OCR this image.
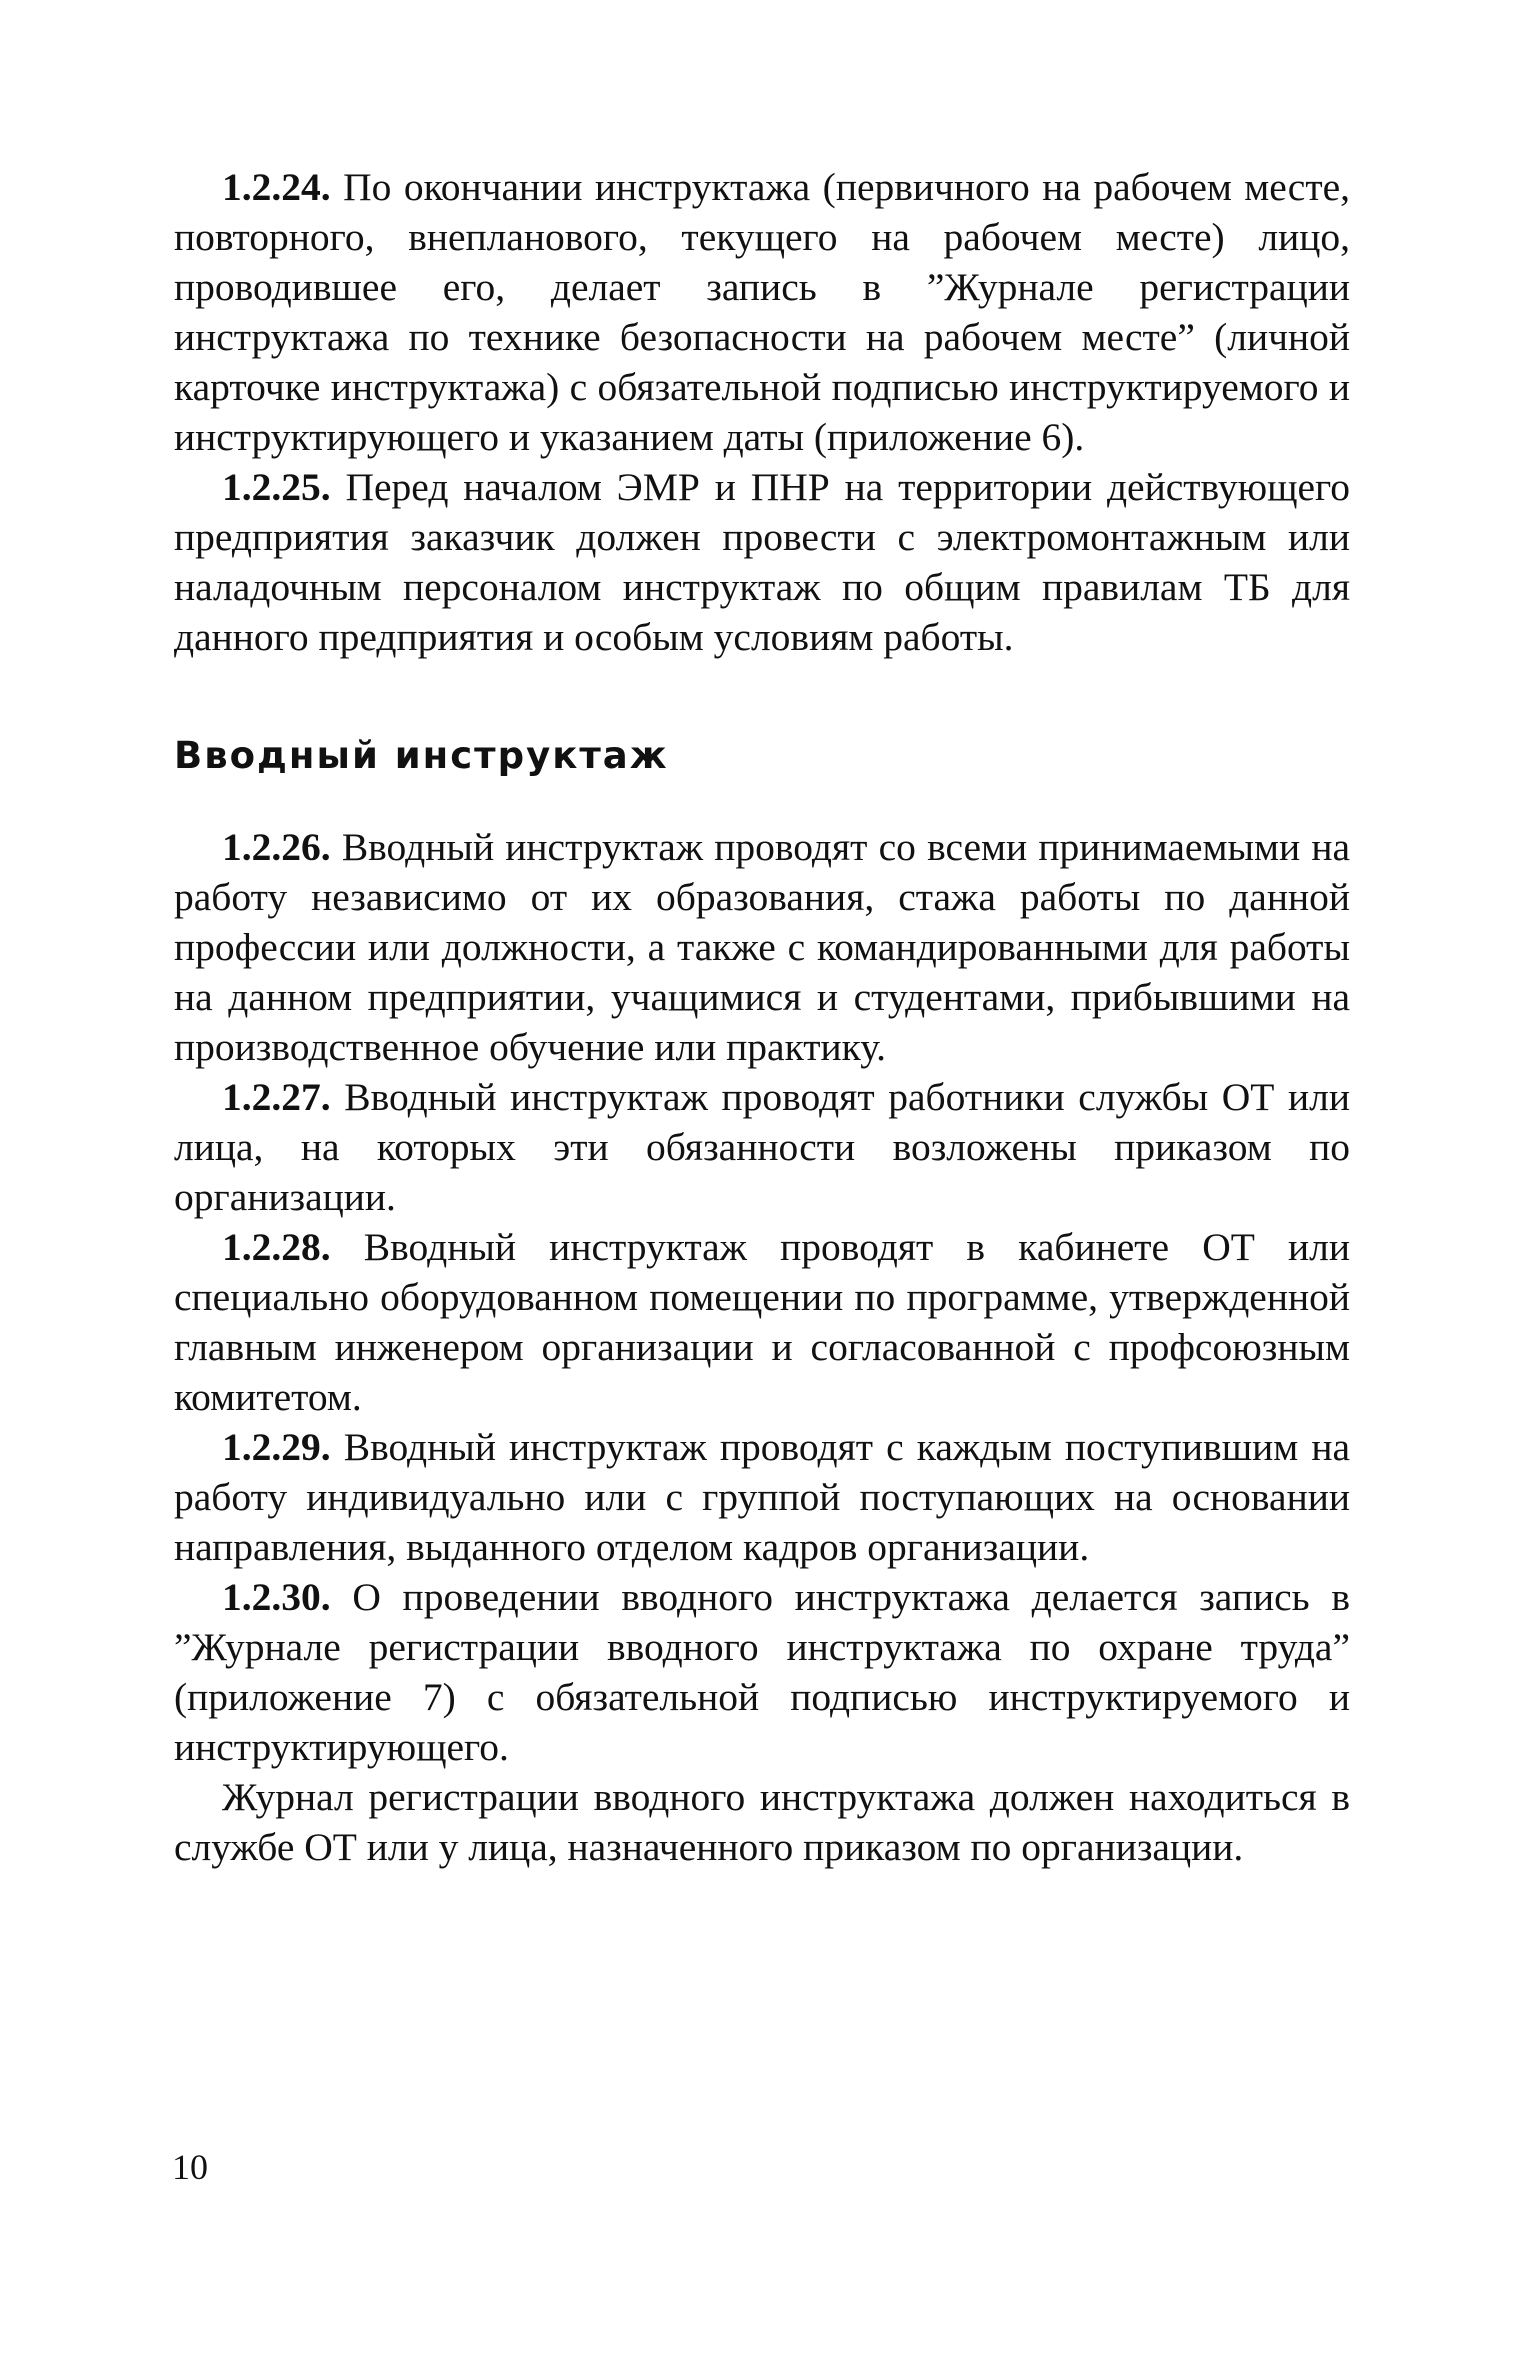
1.2.24. По окончании инструктажа (первичного на рабочем месте, повторного, внепланового, текущего на рабочем месте) лицо, проводившее его, делает запись в ”Журнале регистрации инструктажа по технике безопасности на рабочем месте” (личной карточке инструктажа) с обязательной подписью инструктируемого и инструктирующего и указанием даты (приложение 6).

1.2.25. Перед началом ЭМР и ПНР на территории действующего предприятия заказчик должен провести с электромонтажным или наладочным персоналом инструктаж по общим правилам ТБ для данного предприятия и особым условиям работы.

Вводный инструктаж

1.2.26. Вводный инструктаж проводят со всеми принимаемыми на работу независимо от их образования, стажа работы по данной профессии или должности, а также с командированными для работы на данном предприятии, учащимися и студентами, прибывшими на производственное обучение или практику.

1.2.27. Вводный инструктаж проводят работники службы ОТ или лица, на которых эти обязанности возложены приказом по организации.

1.2.28. Вводный инструктаж проводят в кабинете ОТ или специально оборудованном помещении по программе, утвержденной главным инженером организации и согласованной с профсоюзным комитетом.

1.2.29. Вводный инструктаж проводят с каждым поступившим на работу индивидуально или с группой поступающих на основании направления, выданного отделом кадров организации.

1.2.30. О проведении вводного инструктажа делается запись в ”Журнале регистрации вводного инструктажа по охране труда” (приложение 7) с обязательной подписью инструктируемого и инструктирующего.

Журнал регистрации вводного инструктажа должен находиться в службе ОТ или у лица, назначенного приказом по организации.

10
